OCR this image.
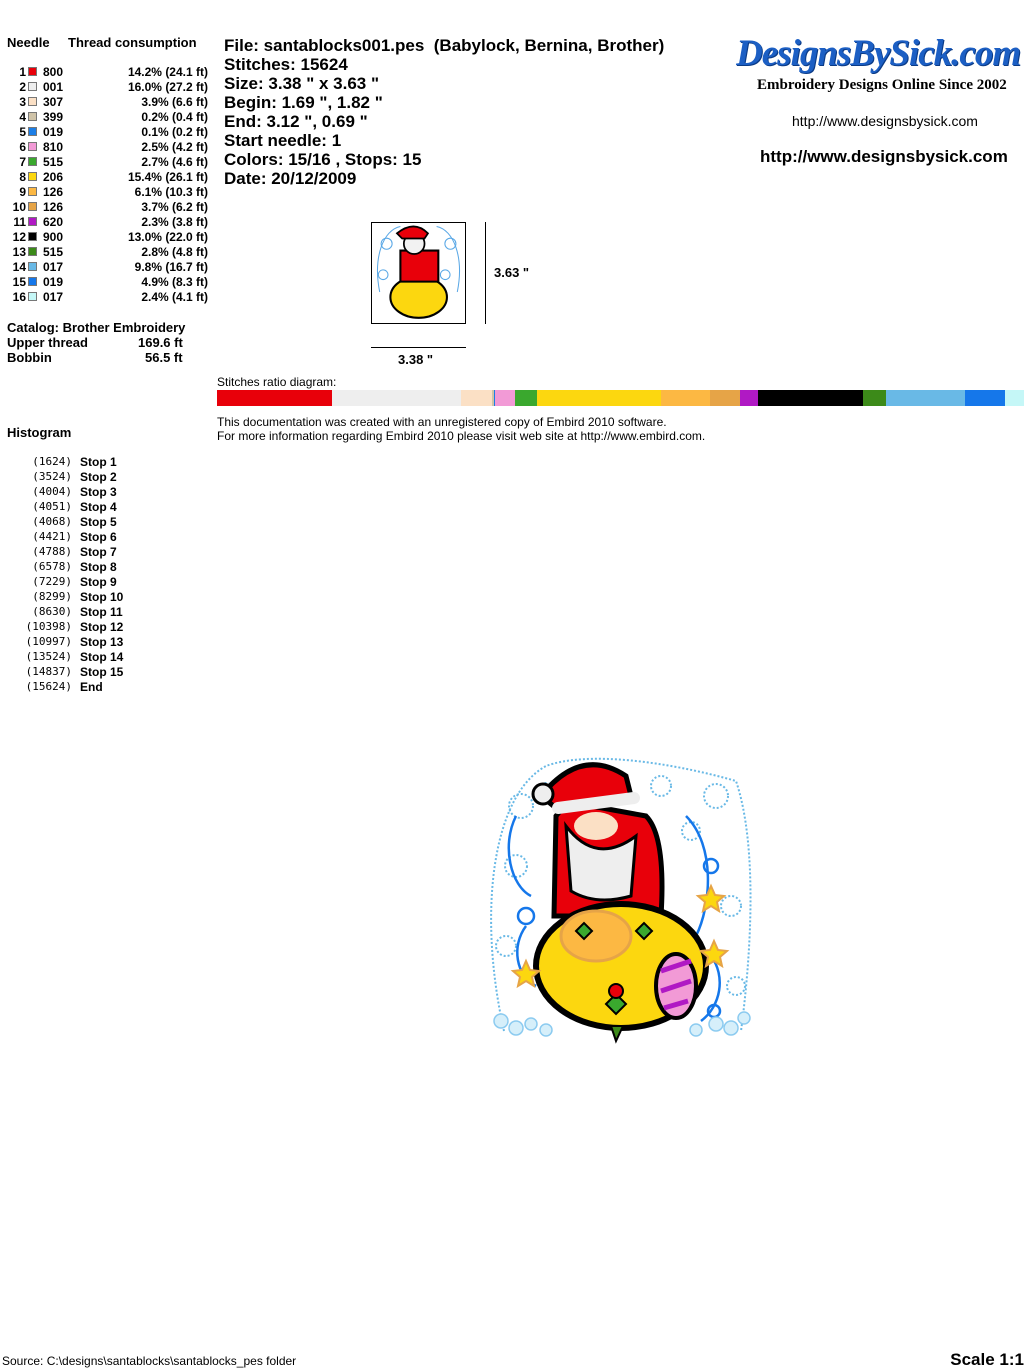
Needle Thread consumption
1 800	14.2% (24.1 ft)
2 001	16.0% (27.2 ft)
3 307	3.9% (6.6 ft)
4 399	0.2% (0.4 ft)
5 019	0.1% (0.2 ft)
6 810	2.5% (4.2 ft)
7 515	2.7% (4.6 ft)
8 206	15.4% (26.1 ft)
9 126	6.1% (10.3 ft)
10 126	3.7% (6.2 ft)
11 620	2.3% (3.8 ft)
12 900	13.0% (22.0 ft)
13 515	2.8% (4.8 ft)
14 017	9.8% (16.7 ft)
15 019	4.9% (8.3 ft)
16 017	2.4% (4.1 ft)
Catalog: Brother Embroidery
Upper thread	169.6 ft
Bobbin	56.5 ft
File: santablocks001.pes  (Babylock, Bernina, Brother)
Stitches: 15624
Size: 3.38 " x 3.63 "
Begin: 1.69 ", 1.82 "
End: 3.12 ", 0.69 "
Start needle: 1
Colors: 15/16 , Stops: 15
Date: 20/12/2009
DesignsBySick.com
Embroidery Designs Online Since 2002
http://www.designsbysick.com
http://www.designsbysick.com
3.63 "
3.38 "
Stitches ratio diagram:
This documentation was created with an unregistered copy of Embird 2010 software.
For more information regarding Embird 2010 please visit web site at http://www.embird.com.
Histogram
(1624) Stop 1
(3524) Stop 2
(4004) Stop 3
(4051) Stop 4
(4068) Stop 5
(4421) Stop 6
(4788) Stop 7
(6578) Stop 8
(7229) Stop 9
(8299) Stop 10
(8630) Stop 11
(10398) Stop 12
(10997) Stop 13
(13524) Stop 14
(14837) Stop 15
(15624) End
Source: C:\designs\santablocks\santablocks_pes folder	Scale 1:1
